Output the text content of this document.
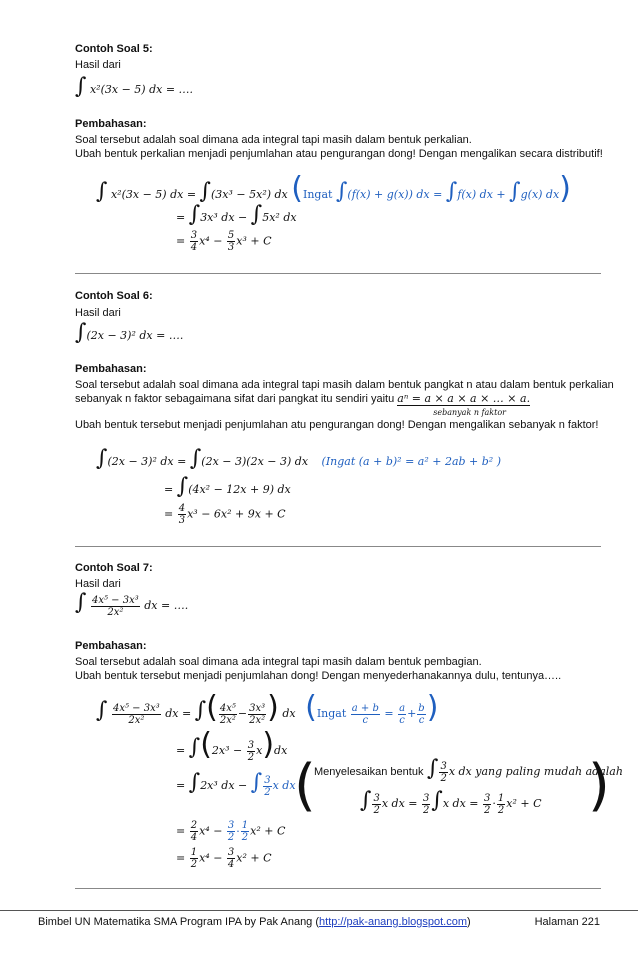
Contoh Soal 5:
Hasil dari
∫ x²(3x − 5) dx = ….
Pembahasan:
Soal tersebut adalah soal dimana ada integral tapi masih dalam bentuk perkalian.
Ubah bentuk perkalian menjadi penjumlahan atau pengurangan dong! Dengan mengalikan secara distributif!
∫ x²(3x − 5) dx = ∫(3x³ − 5x²) dx (Ingat ∫(f(x) + g(x)) dx = ∫f(x) dx + ∫g(x) dx)
= ∫3x³ dx − ∫5x² dx
= $\frac{3}{4} x^4 - \frac{5}{3} x^3 + C$
Contoh Soal 6:
Hasil dari
∫(2x − 3)² dx = ….
Pembahasan:
Soal tersebut adalah soal dimana ada integral tapi masih dalam bentuk pangkat n atau dalam bentuk perkalian
sebanyak n faktor sebagaimana sifat dari pangkat itu sendiri yaitu aⁿ = a × a × a × … × a.
sebanyak n faktor
Ubah bentuk tersebut menjadi penjumlahan atu pengurangan dong! Dengan mengalikan sebanyak n faktor!
∫(2x − 3)² dx = ∫(2x − 3)(2x − 3) dx (Ingat (a + b)² = a² + 2ab + b² )
= ∫(4x² − 12x + 9) dx
= $\frac{4}{3} x^3 - 6x^2 + 9x + C$
Contoh Soal 7:
Hasil dari
∫ $\frac{\text{4x⁵ − 3x³}}{\text{2x²}}$ dx = ….
Pembahasan:
Soal tersebut adalah soal dimana ada integral tapi masih dalam bentuk pembagian.
Ubah bentuk tersebut menjadi penjumlahan dong! Dengan menyederhanakannya dulu, tentunya…..
∫ $\frac{\text{4x⁵ − 3x³}}{\text{2x²}}$ dx = ∫( $\frac{\text{4x⁵}}{\text{2x²}} - \frac{\text{3x³}}{\text{2x²}}$ ) dx (Ingat $\frac{a + b}{c} = \frac{a}{c} + \frac{b}{c}$ )
= $\int(2x^3 - \frac{3}{2} x)dx$
= ∫2x³ dx − ∫ $\frac{3}{2}$ x dx
(	)
Menyelesaikan bentuk ∫ $\frac{3}{2}$ x dx yang paling mudah adalah
∫ $\frac{3}{2}$ x dx = $\frac{3}{2} \int x$ dx = $\frac{3}{2} \cdot \frac{1}{2} x^2 + C$
= $\frac{2}{4} x^4 - \frac{3}{2} \cdot \frac{1}{2} x^2 + C$
= $\frac{1}{2} x^4 - \frac{3}{4} x^2 + C$
Bimbel UN Matematika SMA Program IPA by Pak Anang (http://pak-anang.blogspot.com)	Halaman 221
